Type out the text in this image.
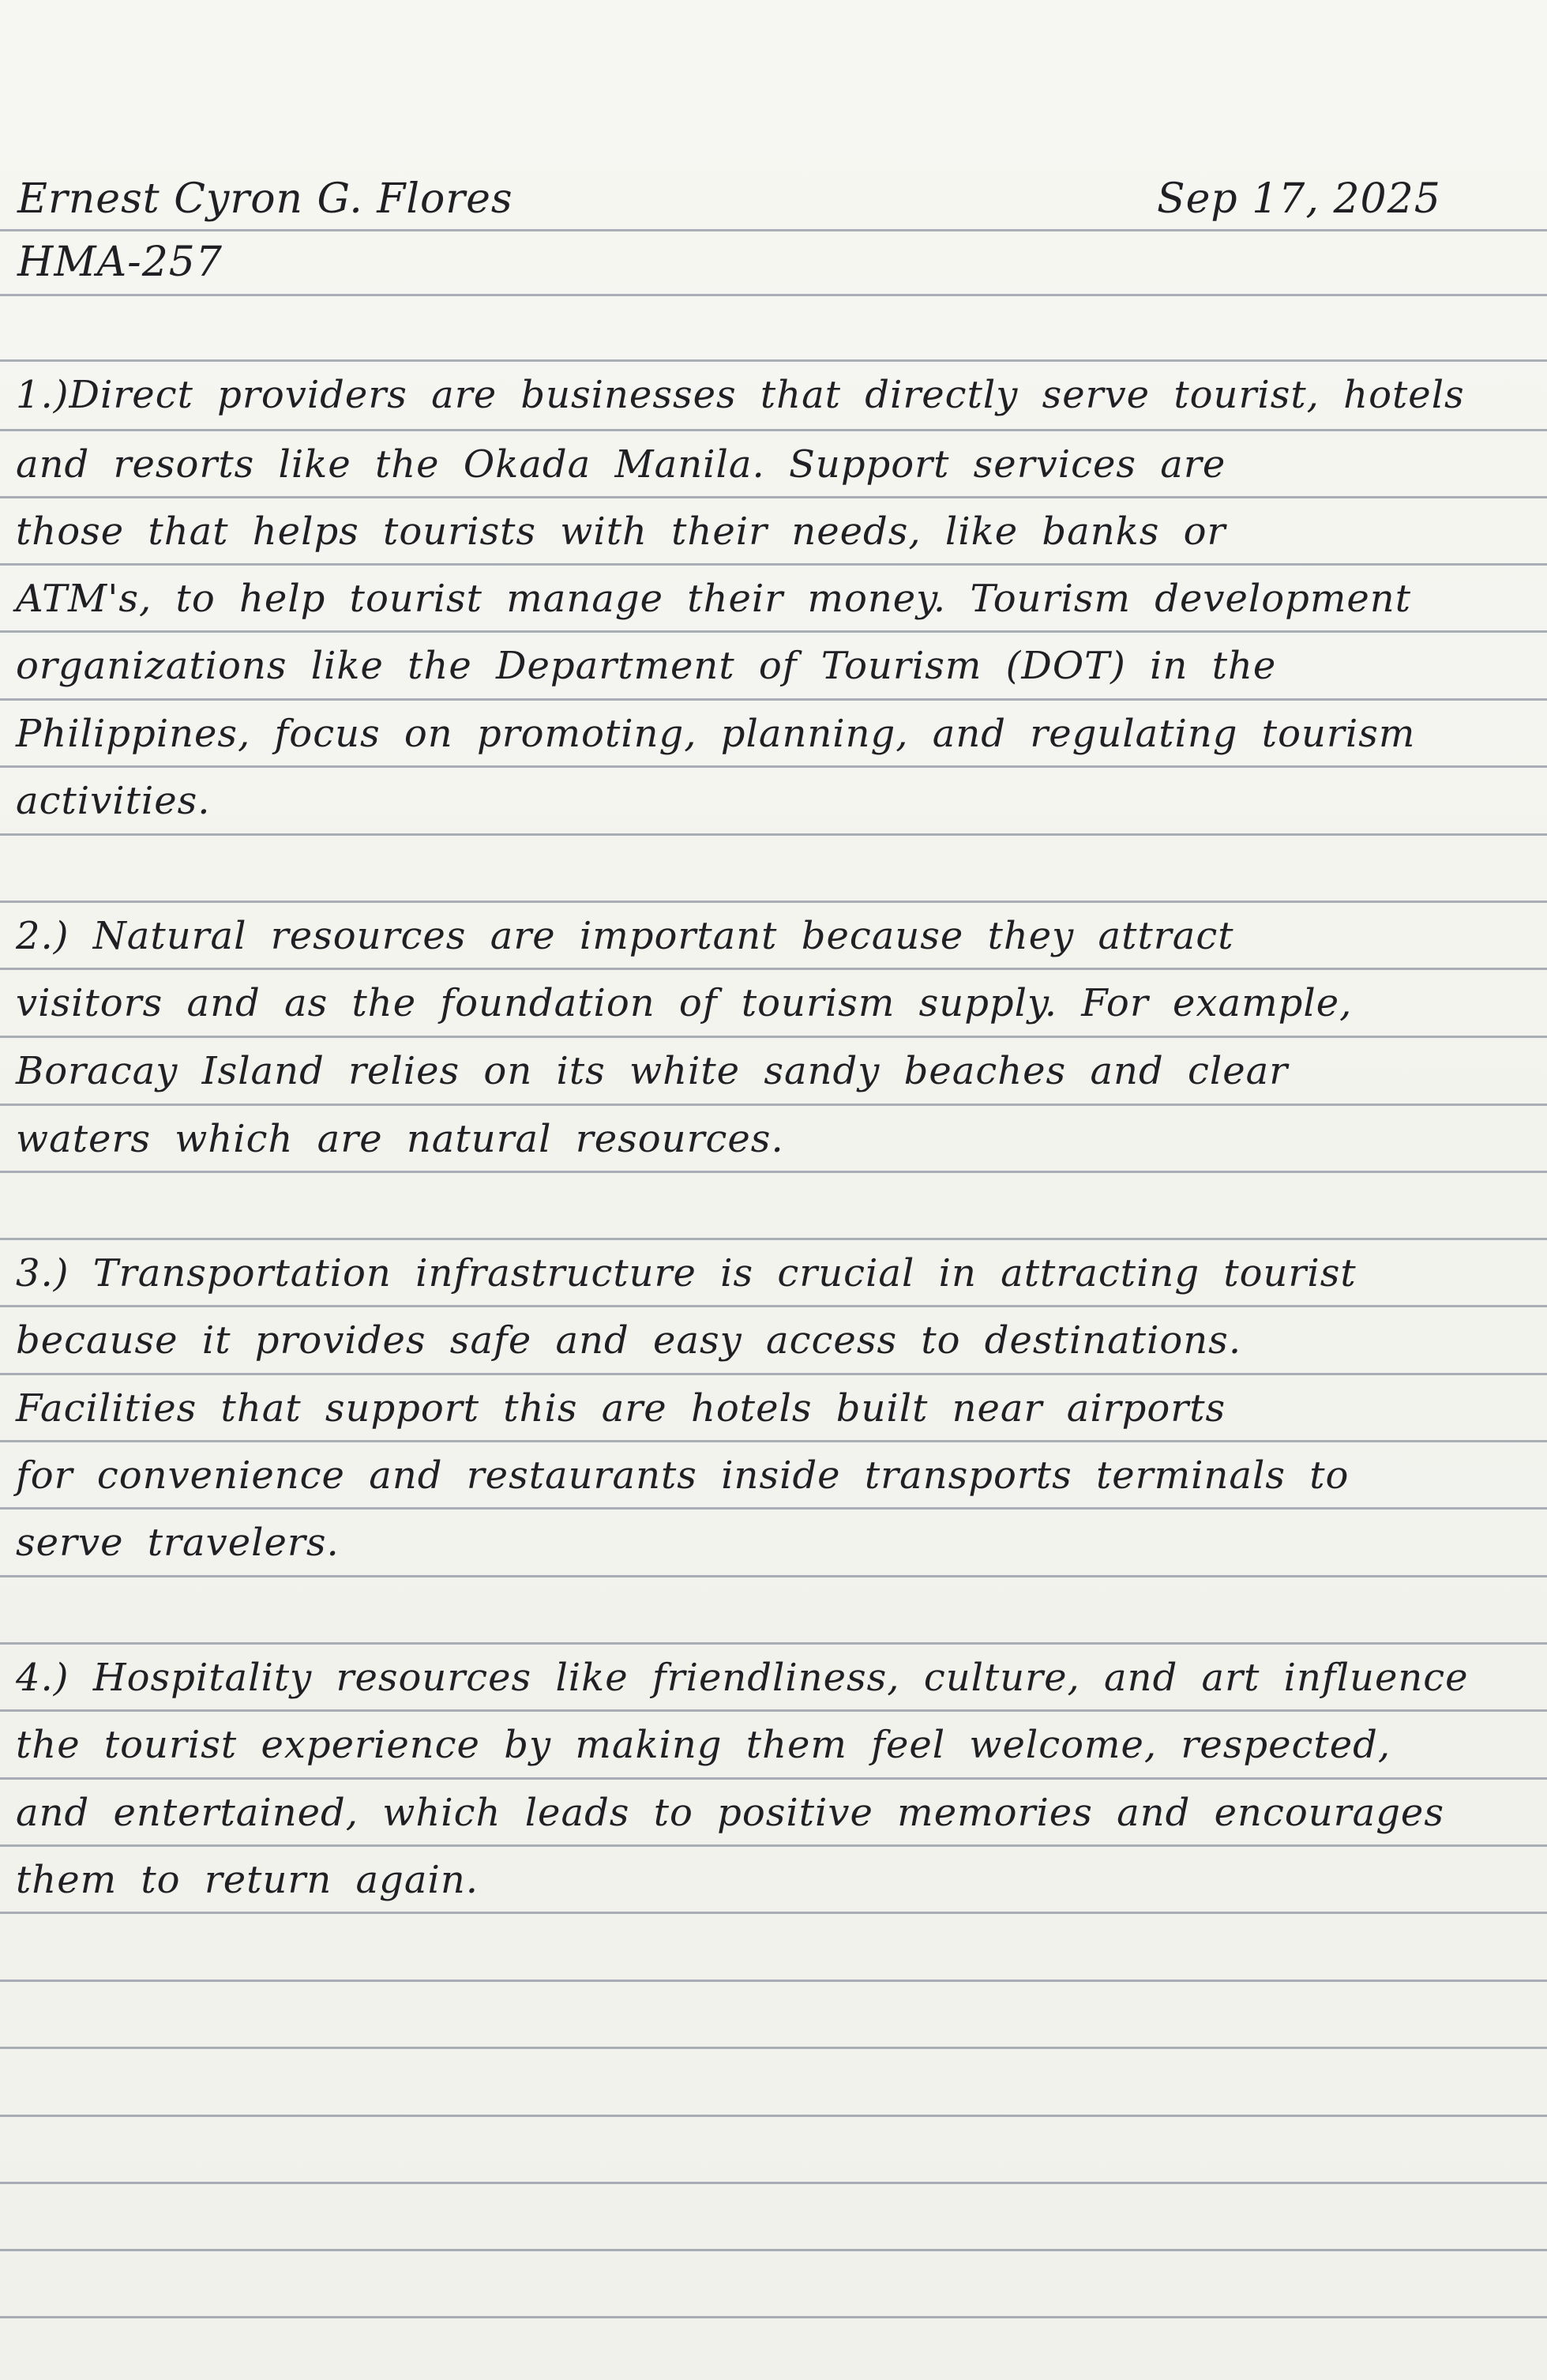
Ernest Cyron G. Flores
HMA-257
Sep 17, 2025
1.)Direct providers are businesses that directly serve tourist, hotels
and resorts like the Okada Manila. Support services are
those that helps tourists with their needs, like banks or
ATM's, to help tourist manage their money. Tourism development
organizations like the Department of Tourism (DOT) in the
Philippines, focus on promoting, planning, and regulating tourism
activities.
2.) Natural resources are important because they attract
visitors and as the foundation of tourism supply. For example,
Boracay Island relies on its white sandy beaches and clear
waters which are natural resources.
3.) Transportation infrastructure is crucial in attracting tourist
because it provides safe and easy access to destinations.
Facilities that support this are hotels built near airports
for convenience and restaurants inside transports terminals to
serve travelers.
4.) Hospitality resources like friendliness, culture, and art influence
the tourist experience by making them feel welcome, respected,
and entertained, which leads to positive memories and encourages
them to return again.
